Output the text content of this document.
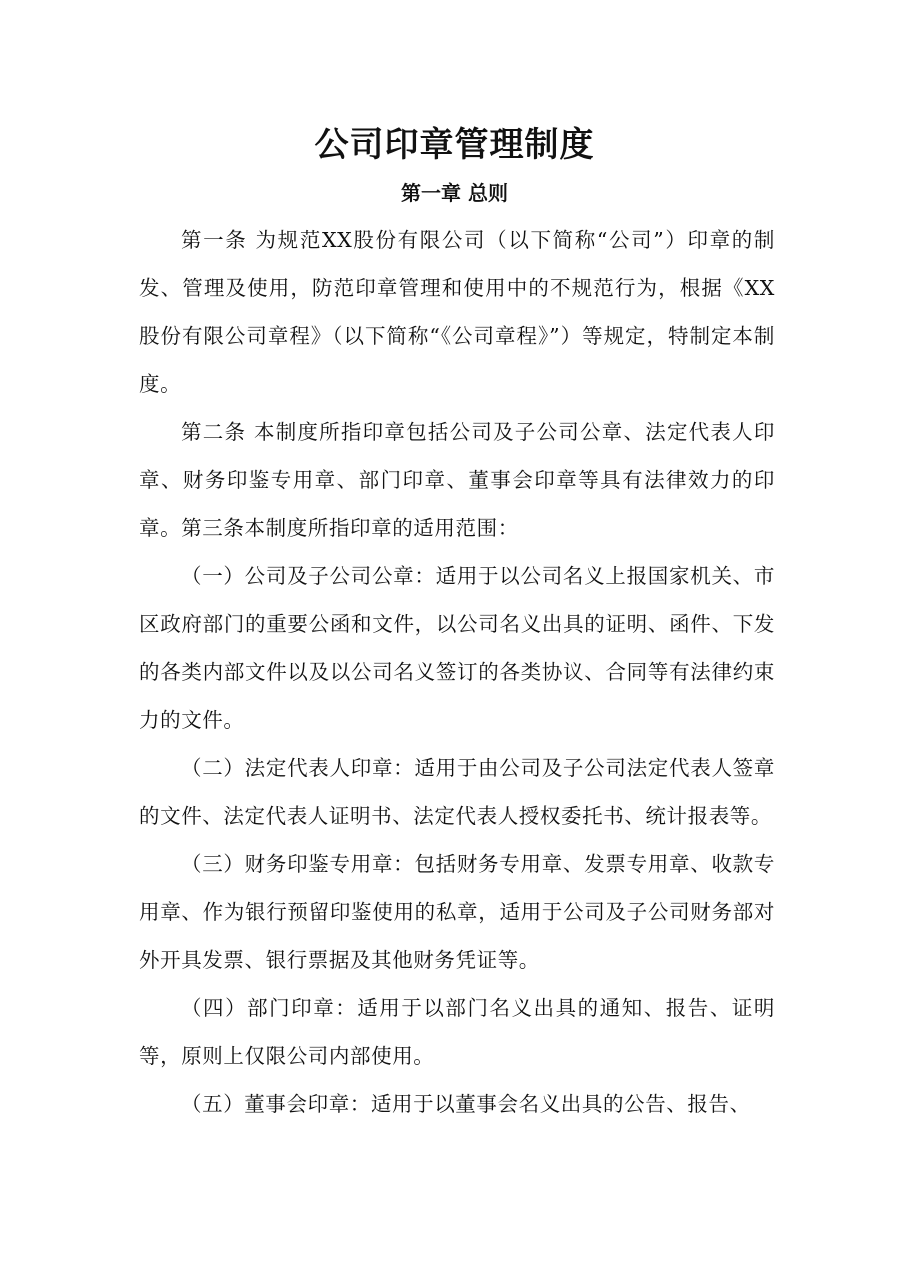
公司印章管理制度
第一章 总则

第一条 为规范XX股份有限公司（以下简称“公司”）印章的制发、管理及使用，防范印章管理和使用中的不规范行为，根据《XX股份有限公司章程》（以下简称“《公司章程》”）等规定，特制定本制度。

第二条 本制度所指印章包括公司及子公司公章、法定代表人印章、财务印鉴专用章、部门印章、董事会印章等具有法律效力的印章。第三条本制度所指印章的适用范围：

（一）公司及子公司公章：适用于以公司名义上报国家机关、市区政府部门的重要公函和文件，以公司名义出具的证明、函件、下发的各类内部文件以及以公司名义签订的各类协议、合同等有法律约束力的文件。

（二）法定代表人印章：适用于由公司及子公司法定代表人签章的文件、法定代表人证明书、法定代表人授权委托书、统计报表等。

（三）财务印鉴专用章：包括财务专用章、发票专用章、收款专用章、作为银行预留印鉴使用的私章，适用于公司及子公司财务部对外开具发票、银行票据及其他财务凭证等。

（四）部门印章：适用于以部门名义出具的通知、报告、证明等，原则上仅限公司内部使用。

（五）董事会印章：适用于以董事会名义出具的公告、报告、
